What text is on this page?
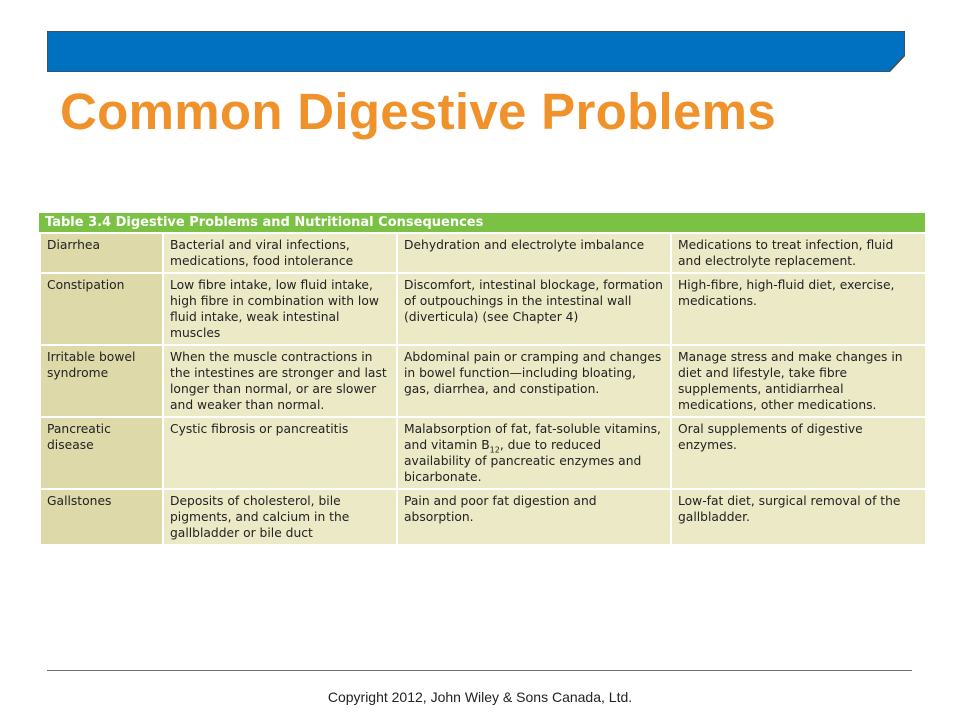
Common Digestive Problems
Table 3.4 Digestive Problems and Nutritional Consequences
Diarrhea	Bacterial and viral infections, medications, food intolerance	Dehydration and electrolyte imbalance	Medications to treat infection, fluid and electrolyte replacement.
Constipation	Low fibre intake, low fluid intake, high fibre in combination with low fluid intake, weak intestinal muscles	Discomfort, intestinal blockage, formation of outpouchings in the intestinal wall (diverticula) (see Chapter 4)	High-fibre, high-fluid diet, exercise, medications.
Irritable bowel syndrome	When the muscle contractions in the intestines are stronger and last longer than normal, or are slower and weaker than normal.	Abdominal pain or cramping and changes in bowel function—including bloating, gas, diarrhea, and constipation.	Manage stress and make changes in diet and lifestyle, take fibre supplements, antidiarrheal medications, other medications.
Pancreatic disease	Cystic fibrosis or pancreatitis	Malabsorption of fat, fat-soluble vitamins, and vitamin $B_{12}$, due to reduced availability of pancreatic enzymes and bicarbonate.	Oral supplements of digestive enzymes.
Gallstones	Deposits of cholesterol, bile pigments, and calcium in the gallbladder or bile duct	Pain and poor fat digestion and absorption.	Low-fat diet, surgical removal of the gallbladder.
Copyright 2012, John Wiley & Sons Canada, Ltd.
